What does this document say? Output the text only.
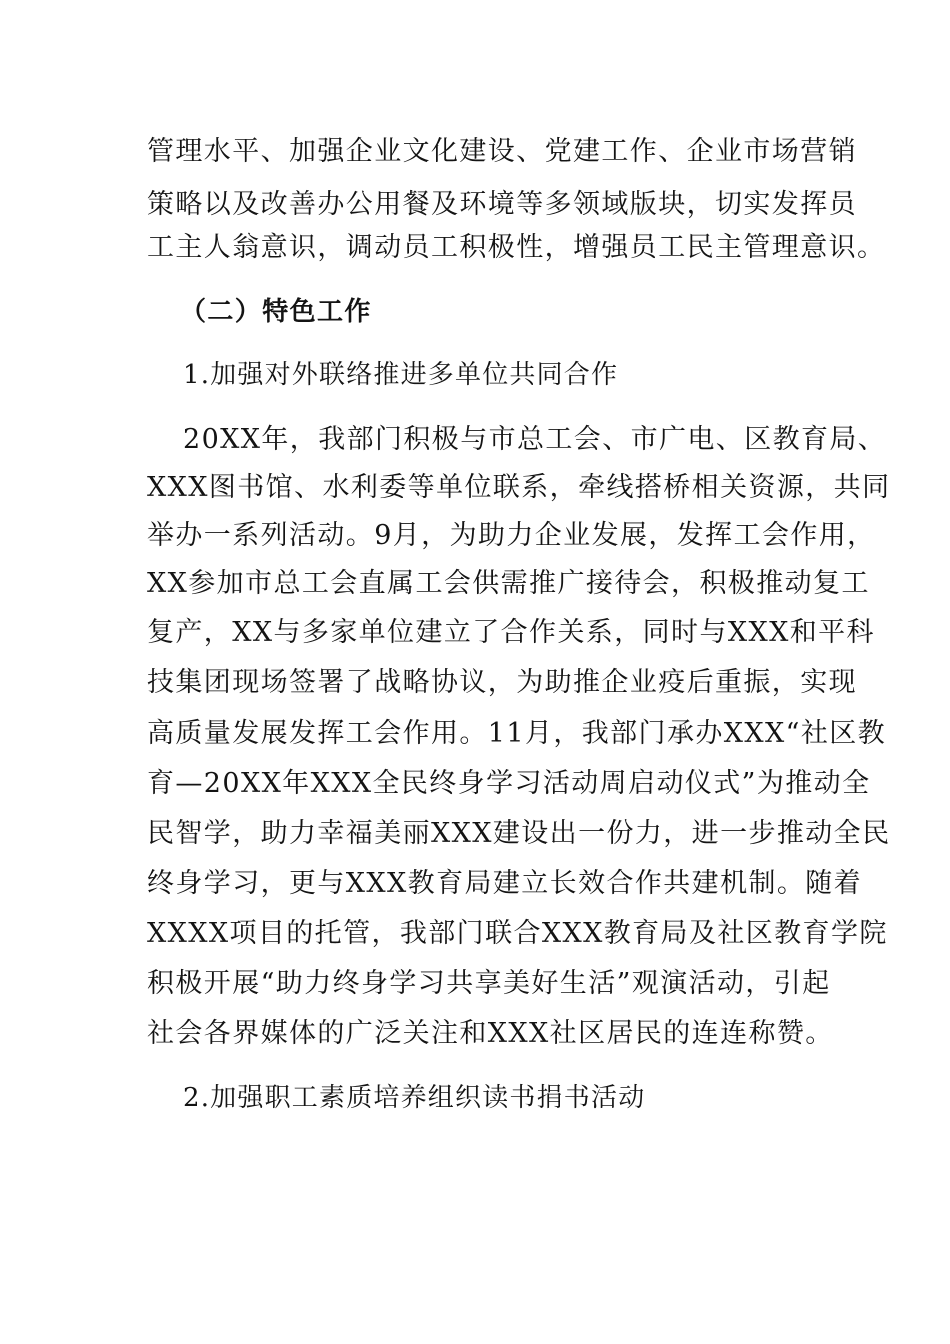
管理水平、加强企业文化建设、党建工作、企业市场营销
策略以及改善办公用餐及环境等多领域版块，切实发挥员
工主人翁意识，调动员工积极性，增强员工民主管理意识。
（二）特色工作
1.加强对外联络推进多单位共同合作
20XX年，我部门积极与市总工会、市广电、区教育局、
XXX图书馆、水利委等单位联系，牵线搭桥相关资源，共同
举办一系列活动。9月，为助力企业发展，发挥工会作用，
XX参加市总工会直属工会供需推广接待会，积极推动复工
复产，XX与多家单位建立了合作关系，同时与XXX和平科
技集团现场签署了战略协议，为助推企业疫后重振，实现
高质量发展发挥工会作用。11月，我部门承办XXX“社区教
育—20XX年XXX全民终身学习活动周启动仪式”为推动全
民智学，助力幸福美丽XXX建设出一份力，进一步推动全民
终身学习，更与XXX教育局建立长效合作共建机制。随着
XXXX项目的托管，我部门联合XXX教育局及社区教育学院
积极开展“助力终身学习共享美好生活”观演活动，引起
社会各界媒体的广泛关注和XXX社区居民的连连称赞。
2.加强职工素质培养组织读书捐书活动
